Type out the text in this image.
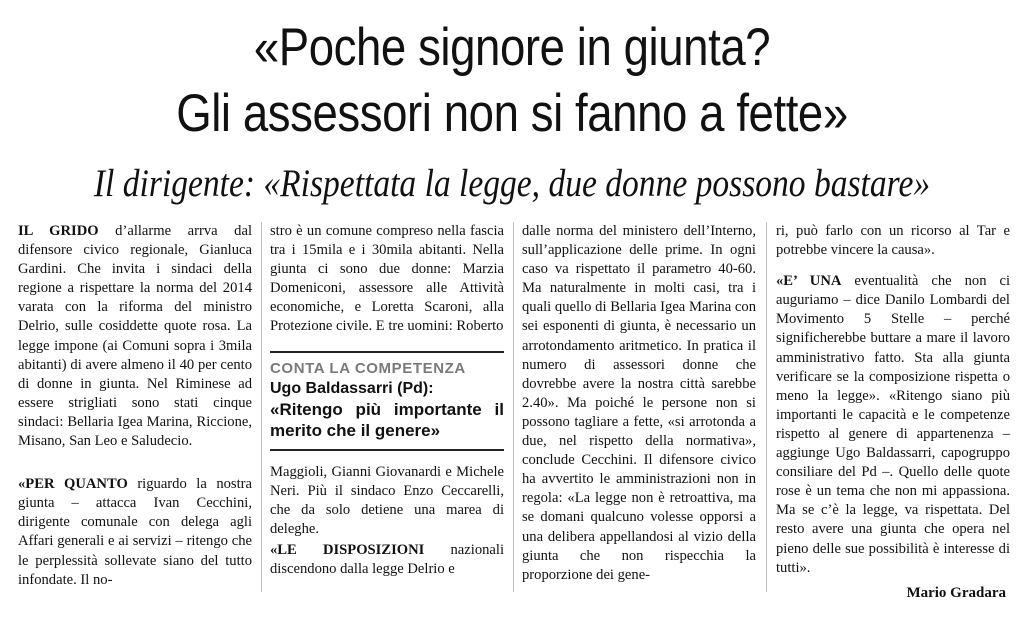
«Poche signore in giunta?
Gli assessori non si fanno a fette»
Il dirigente: «Rispettata la legge, due donne possono bastare»

IL GRIDO d’allarme arrva dal difensore civico regionale, Gianluca Gardini. Che invita i sindaci della regione a rispettare la norma del 2014 varata con la riforma del ministro Delrio, sulle cosiddette quote rosa. La legge impone (ai Comuni sopra i 3mila abitanti) di avere almeno il 40 per cento di donne in giunta. Nel Riminese ad essere strigliati sono stati cinque sindaci: Bellaria Igea Marina, Riccione, Misano, San Leo e Saludecio.

«PER QUANTO riguardo la nostra giunta – attacca Ivan Cecchini, dirigente comunale con delega agli Affari generali e ai servizi – ritengo che le perplessità sollevate siano del tutto infondate. Il no-

stro è un comune compreso nella fascia tra i 15mila e i 30mila abitanti. Nella giunta ci sono due donne: Marzia Domeniconi, assessore alle Attività economiche, e Loretta Scaroni, alla Protezione civile. E tre uomini: Roberto

CONTA LA COMPETENZA
Ugo Baldassarri (Pd):
«Ritengo più importante il merito che il genere»

Maggioli, Gianni Giovanardi e Michele Neri. Più il sindaco Enzo Ceccarelli, che da solo detiene una marea di deleghe.

«LE DISPOSIZIONI nazionali discendono dalla legge Delrio e

dalle norma del ministero dell’Interno, sull’applicazione delle prime. In ogni caso va rispettato il parametro 40-60. Ma naturalmente in molti casi, tra i quali quello di Bellaria Igea Marina con sei esponenti di giunta, è necessario un arrotondamento aritmetico. In pratica il numero di assessori donne che dovrebbe avere la nostra città sarebbe 2.40». Ma poiché le persone non si possono tagliare a fette, «si arrotonda a due, nel rispetto della normativa», conclude Cecchini. Il difensore civico ha avvertito le amministrazioni non in regola: «La legge non è retroattiva, ma se domani qualcuno volesse opporsi a una delibera appellandosi al vizio della giunta che non rispecchia la proporzione dei gene-

ri, può farlo con un ricorso al Tar e potrebbe vincere la causa».

«E’ UNA eventualità che non ci auguriamo – dice Danilo Lombardi del Movimento 5 Stelle – perché significherebbe buttare a mare il lavoro amministrativo fatto. Sta alla giunta verificare se la composizione rispetta o meno la legge». «Ritengo siano più importanti le capacità e le competenze rispetto al genere di appartenenza – aggiunge Ugo Baldassarri, capogruppo consiliare del Pd –. Quello delle quote rose è un tema che non mi appassiona. Ma se c’è la legge, va rispettata. Del resto avere una giunta che opera nel pieno delle sue possibilità è interesse di tutti».

Mario Gradara
